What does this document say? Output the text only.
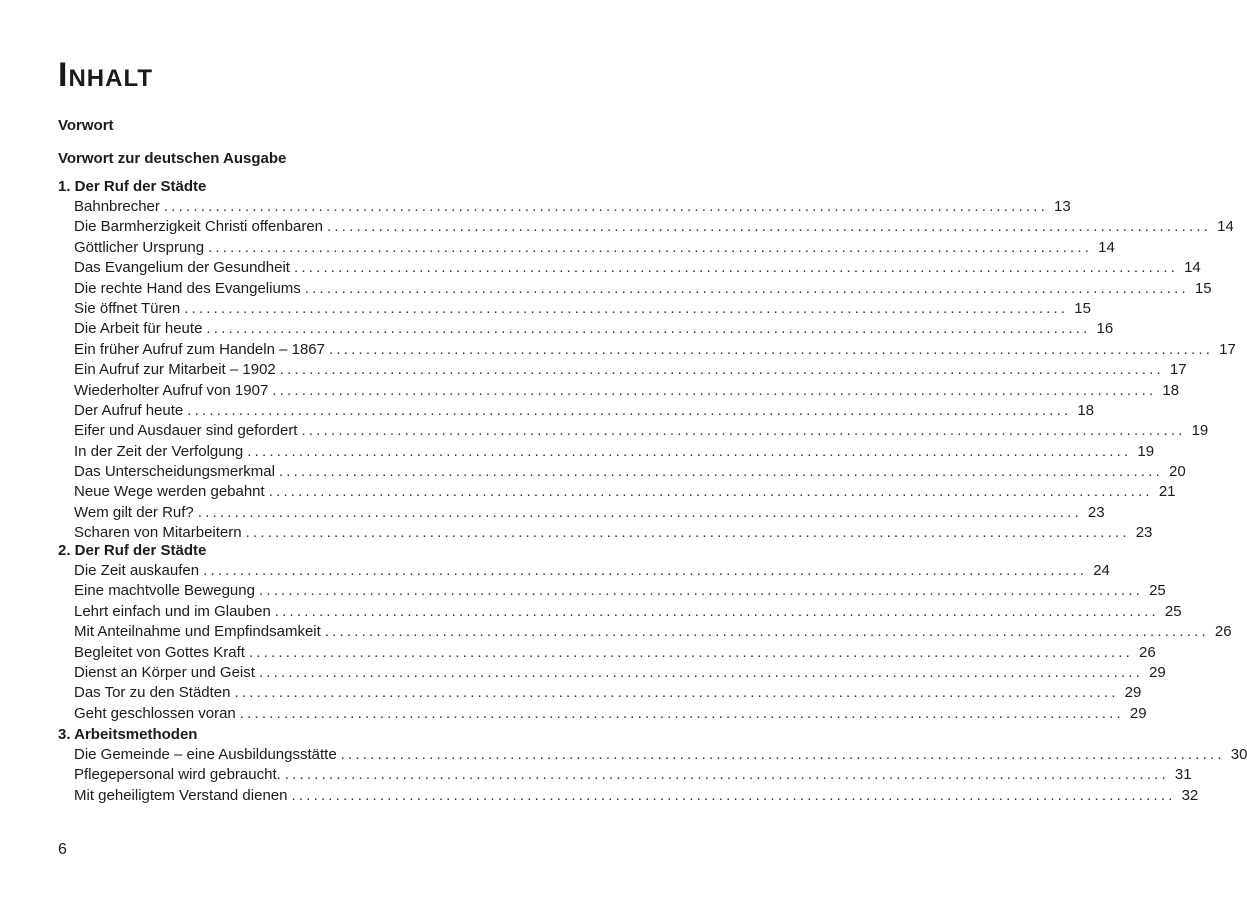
INHALT
Vorwort
Vorwort zur deutschen Ausgabe
1. Der Ruf der Städte
Bahnbrecher ........................................................................................................................ 13
Die Barmherzigkeit Christi offenbaren ........................................................................................................................ 14
Göttlicher Ursprung ........................................................................................................................ 14
Das Evangelium der Gesundheit ........................................................................................................................ 14
Die rechte Hand des Evangeliums ........................................................................................................................ 15
Sie öffnet Türen ........................................................................................................................ 15
Die Arbeit für heute ........................................................................................................................ 16
Ein früher Aufruf zum Handeln – 1867 ........................................................................................................................ 17
Ein Aufruf zur Mitarbeit – 1902 ........................................................................................................................ 17
Wiederholter Aufruf von 1907 ........................................................................................................................ 18
Der Aufruf heute ........................................................................................................................ 18
Eifer und Ausdauer sind gefordert ........................................................................................................................ 19
In der Zeit der Verfolgung ........................................................................................................................ 19
Das Unterscheidungsmerkmal ........................................................................................................................ 20
Neue Wege werden gebahnt ........................................................................................................................ 21
Wem gilt der Ruf? ........................................................................................................................ 23
Scharen von Mitarbeitern ........................................................................................................................ 23
2. Der Ruf der Städte
Die Zeit auskaufen ........................................................................................................................ 24
Eine machtvolle Bewegung ........................................................................................................................ 25
Lehrt einfach und im Glauben ........................................................................................................................ 25
Mit Anteilnahme und Empfindsamkeit ........................................................................................................................ 26
Begleitet von Gottes Kraft ........................................................................................................................ 26
Dienst an Körper und Geist ........................................................................................................................ 29
Das Tor zu den Städten ........................................................................................................................ 29
Geht geschlossen voran ........................................................................................................................ 29
3. Arbeitsmethoden
Die Gemeinde – eine Ausbildungsstätte ........................................................................................................................ 30
Pflegepersonal wird gebraucht. ........................................................................................................................ 31
Mit geheiligtem Verstand dienen ........................................................................................................................ 32
6
